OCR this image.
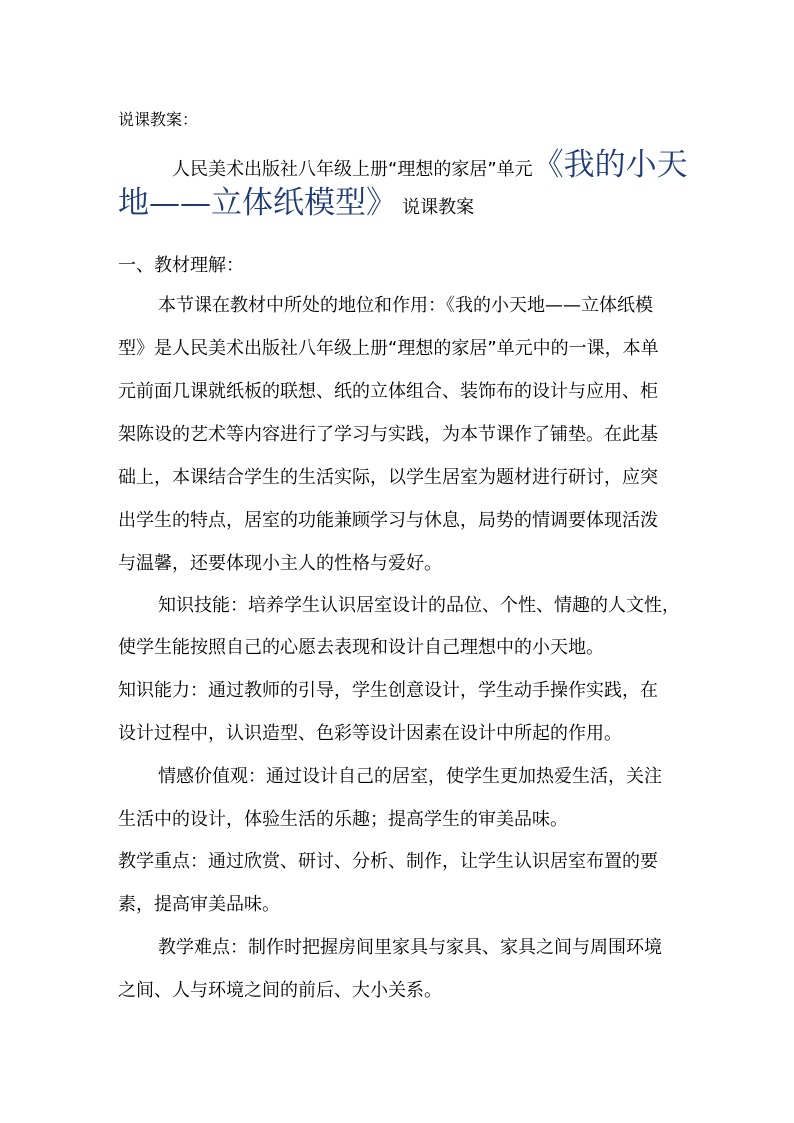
说课教案：
人民美术出版社八年级上册“理想的家居”单元《我的小天
地——立体纸模型》 说课教案
一、教材理解：
本节课在教材中所处的地位和作用：《我的小天地——立体纸模
型》是人民美术出版社八年级上册“理想的家居”单元中的一课，本单
元前面几课就纸板的联想、纸的立体组合、装饰布的设计与应用、柜
架陈设的艺术等内容进行了学习与实践，为本节课作了铺垫。在此基
础上，本课结合学生的生活实际，以学生居室为题材进行研讨，应突
出学生的特点，居室的功能兼顾学习与休息，局势的情调要体现活泼
与温馨，还要体现小主人的性格与爱好。
知识技能：培养学生认识居室设计的品位、个性、情趣的人文性，
使学生能按照自己的心愿去表现和设计自己理想中的小天地。
知识能力：通过教师的引导，学生创意设计，学生动手操作实践，在
设计过程中，认识造型、色彩等设计因素在设计中所起的作用。
情感价值观：通过设计自己的居室，使学生更加热爱生活，关注
生活中的设计，体验生活的乐趣；提高学生的审美品味。
教学重点：通过欣赏、研讨、分析、制作，让学生认识居室布置的要
素，提高审美品味。
教学难点：制作时把握房间里家具与家具、家具之间与周围环境
之间、人与环境之间的前后、大小关系。
